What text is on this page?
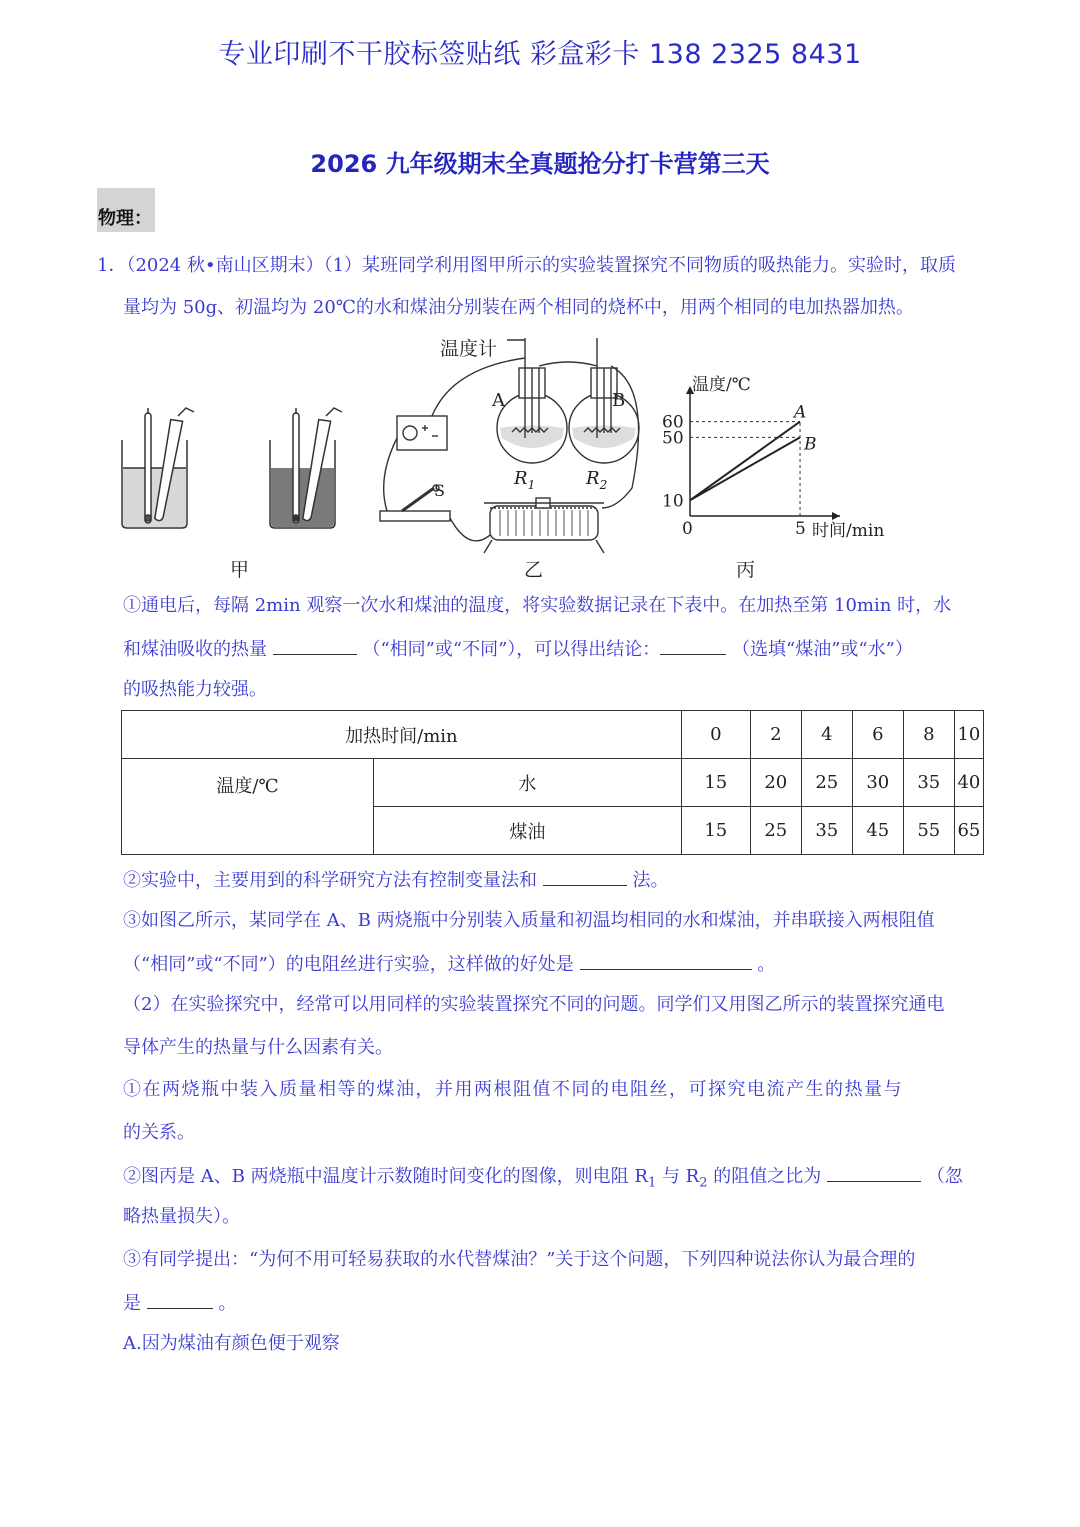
专业印刷不干胶标签贴纸 彩盒彩卡 138 2325 8431
2026 九年级期末全真题抢分打卡营第三天
物理：
1．（2024 秋•南山区期末）（1）某班同学利用图甲所示的实验装置探究不同物质的吸热能力。实验时，取质
量均为 50g、初温均为 20℃的水和煤油分别装在两个相同的烧杯中，用两个相同的电加热器加热。
甲
温度计
A	B
$R_1$	$R_2$
S
乙
温度/℃
时间/min
0
10
50
60
5
A
B
丙
①通电后，每隔 2min 观察一次水和煤油的温度，将实验数据记录在下表中。在加热至第 10min 时，水
和煤油吸收的热量	（“相同”或“不同”），可以得出结论：	（选填“煤油”或“水”）
的吸热能力较强。
加热时间/min		0	2	4	6	8	10
温度/℃	水	15	20	25	30	35	40
	煤油	15	25	35	45	55	65
②实验中，主要用到的科学研究方法有控制变量法和	法。
③如图乙所示，某同学在 A、B 两烧瓶中分别装入质量和初温均相同的水和煤油，并串联接入两根阻值
（“相同”或“不同”）的电阻丝进行实验，这样做的好处是	。
（2）在实验探究中，经常可以用同样的实验装置探究不同的问题。同学们又用图乙所示的装置探究通电
导体产生的热量与什么因素有关。
①在两烧瓶中装入质量相等的煤油，并用两根阻值不同的电阻丝，可探究电流产生的热量与
的关系。
②图丙是 A、B 两烧瓶中温度计示数随时间变化的图像，则电阻 $R_1$ 与 $R_2$ 的阻值之比为	（忽
略热量损失）。
③有同学提出：“为何不用可轻易获取的水代替煤油？”关于这个问题，下列四种说法你认为最合理的
是	。
A.因为煤油有颜色便于观察
